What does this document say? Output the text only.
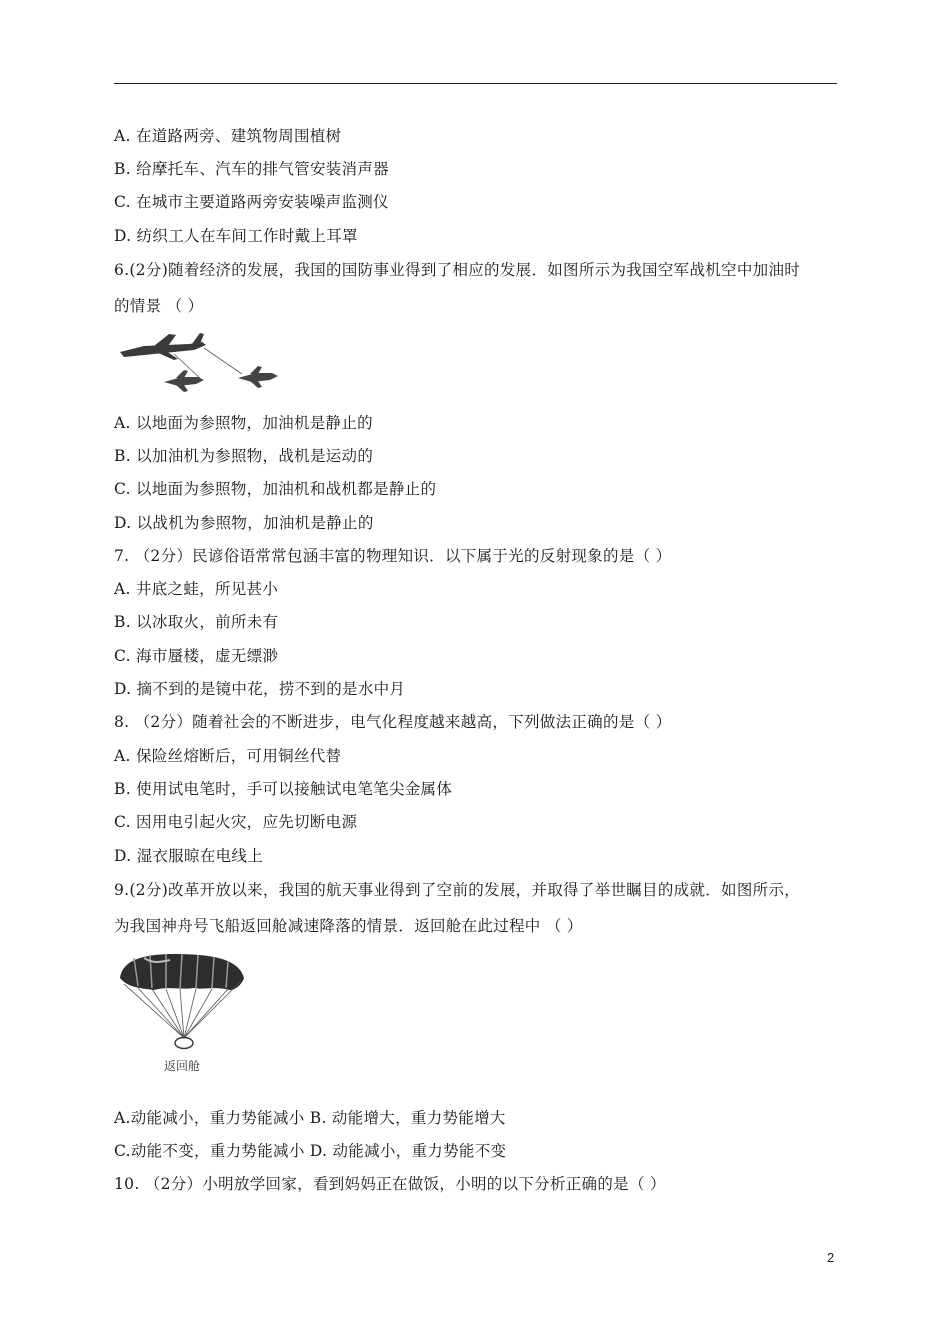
A. 在道路两旁、建筑物周围植树
B. 给摩托车、汽车的排气管安装消声器
C. 在城市主要道路两旁安装噪声监测仪
D. 纺织工人在车间工作时戴上耳罩
6.(2分)随着经济的发展，我国的国防事业得到了相应的发展．如图所示为我国空军战机空中加油时
的情景 （ ）
A. 以地面为参照物，加油机是静止的
B. 以加油机为参照物，战机是运动的
C. 以地面为参照物，加油机和战机都是静止的
D. 以战机为参照物，加油机是静止的
7. （2分）民谚俗语常常包涵丰富的物理知识．以下属于光的反射现象的是（ ）
A. 井底之蛙，所见甚小
B. 以冰取火，前所未有
C. 海市蜃楼，虚无缥渺
D. 摘不到的是镜中花，捞不到的是水中月
8. （2分）随着社会的不断进步，电气化程度越来越高，下列做法正确的是（ ）
A. 保险丝熔断后，可用铜丝代替
B. 使用试电笔时，手可以接触试电笔笔尖金属体
C. 因用电引起火灾，应先切断电源
D. 湿衣服晾在电线上
9.(2分)改革开放以来，我国的航天事业得到了空前的发展，并取得了举世瞩目的成就．如图所示，
为我国神舟号飞船返回舱减速降落的情景．返回舱在此过程中 （ ）
返回舱
A.动能减小，重力势能减小 B. 动能增大，重力势能增大
C.动能不变，重力势能减小 D. 动能减小，重力势能不变
10. （2分）小明放学回家，看到妈妈正在做饭，小明的以下分析正确的是（ ）
2
